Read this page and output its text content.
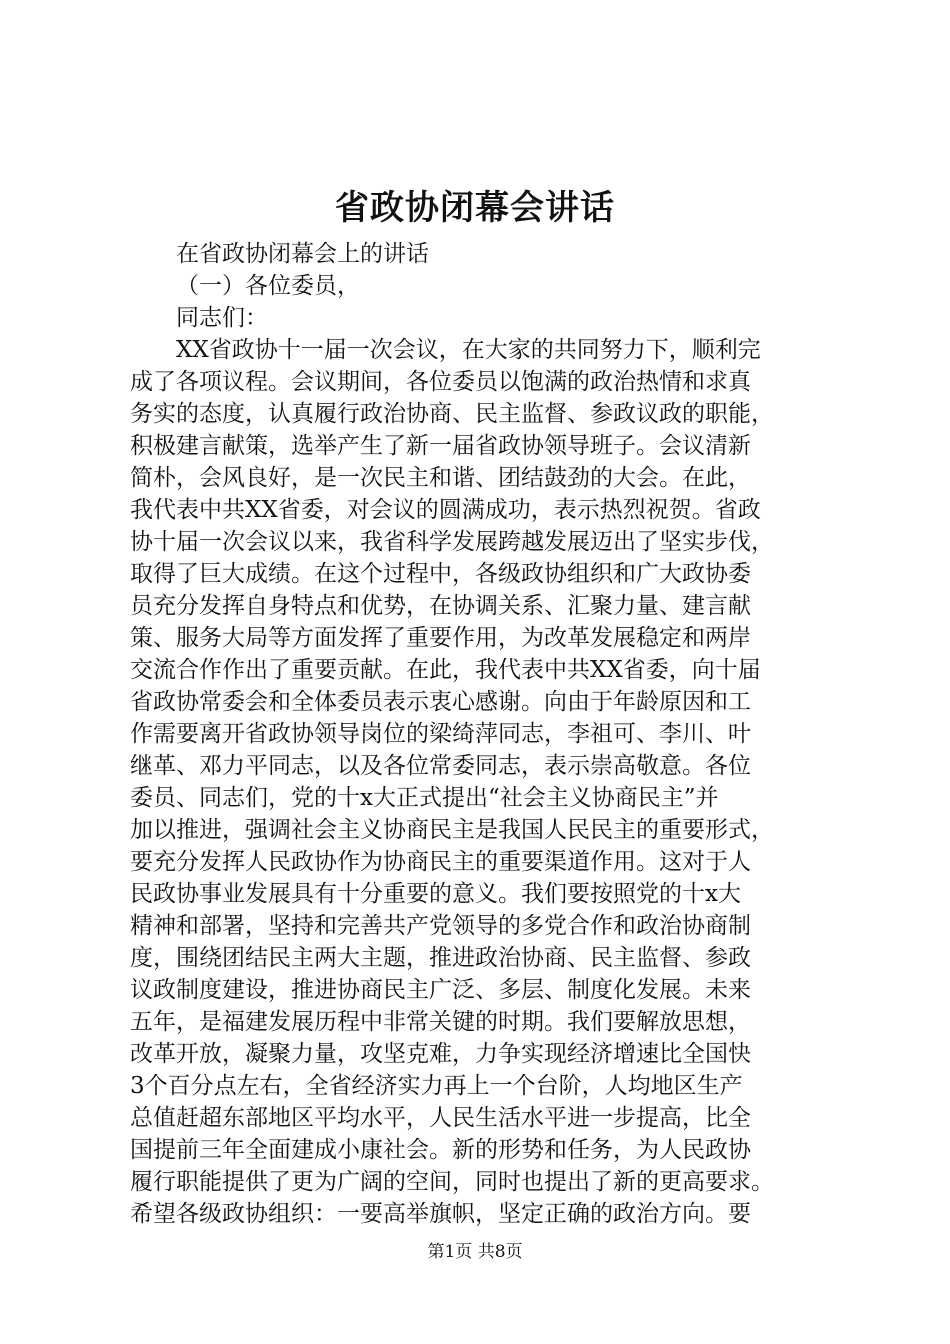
省政协闭幕会讲话
在省政协闭幕会上的讲话
（一）各位委员，
同志们：
XX省政协十一届一次会议，在大家的共同努力下，顺利完
成了各项议程。会议期间，各位委员以饱满的政治热情和求真
务实的态度，认真履行政治协商、民主监督、参政议政的职能，
积极建言献策，选举产生了新一届省政协领导班子。会议清新
简朴，会风良好，是一次民主和谐、团结鼓劲的大会。在此，
我代表中共XX省委，对会议的圆满成功，表示热烈祝贺。省政
协十届一次会议以来，我省科学发展跨越发展迈出了坚实步伐，
取得了巨大成绩。在这个过程中，各级政协组织和广大政协委
员充分发挥自身特点和优势，在协调关系、汇聚力量、建言献
策、服务大局等方面发挥了重要作用，为改革发展稳定和两岸
交流合作作出了重要贡献。在此，我代表中共XX省委，向十届
省政协常委会和全体委员表示衷心感谢。向由于年龄原因和工
作需要离开省政协领导岗位的梁绮萍同志，李祖可、李川、叶
继革、邓力平同志，以及各位常委同志，表示崇高敬意。各位
委员、同志们，党的十x大正式提出“社会主义协商民主”并
加以推进，强调社会主义协商民主是我国人民民主的重要形式，
要充分发挥人民政协作为协商民主的重要渠道作用。这对于人
民政协事业发展具有十分重要的意义。我们要按照党的十x大
精神和部署，坚持和完善共产党领导的多党合作和政治协商制
度，围绕团结民主两大主题，推进政治协商、民主监督、参政
议政制度建设，推进协商民主广泛、多层、制度化发展。未来
五年，是福建发展历程中非常关键的时期。我们要解放思想，
改革开放，凝聚力量，攻坚克难，力争实现经济增速比全国快
3个百分点左右，全省经济实力再上一个台阶，人均地区生产
总值赶超东部地区平均水平，人民生活水平进一步提高，比全
国提前三年全面建成小康社会。新的形势和任务，为人民政协
履行职能提供了更为广阔的空间，同时也提出了新的更高要求。
希望各级政协组织：一要高举旗帜，坚定正确的政治方向。要
第1页 共8页
